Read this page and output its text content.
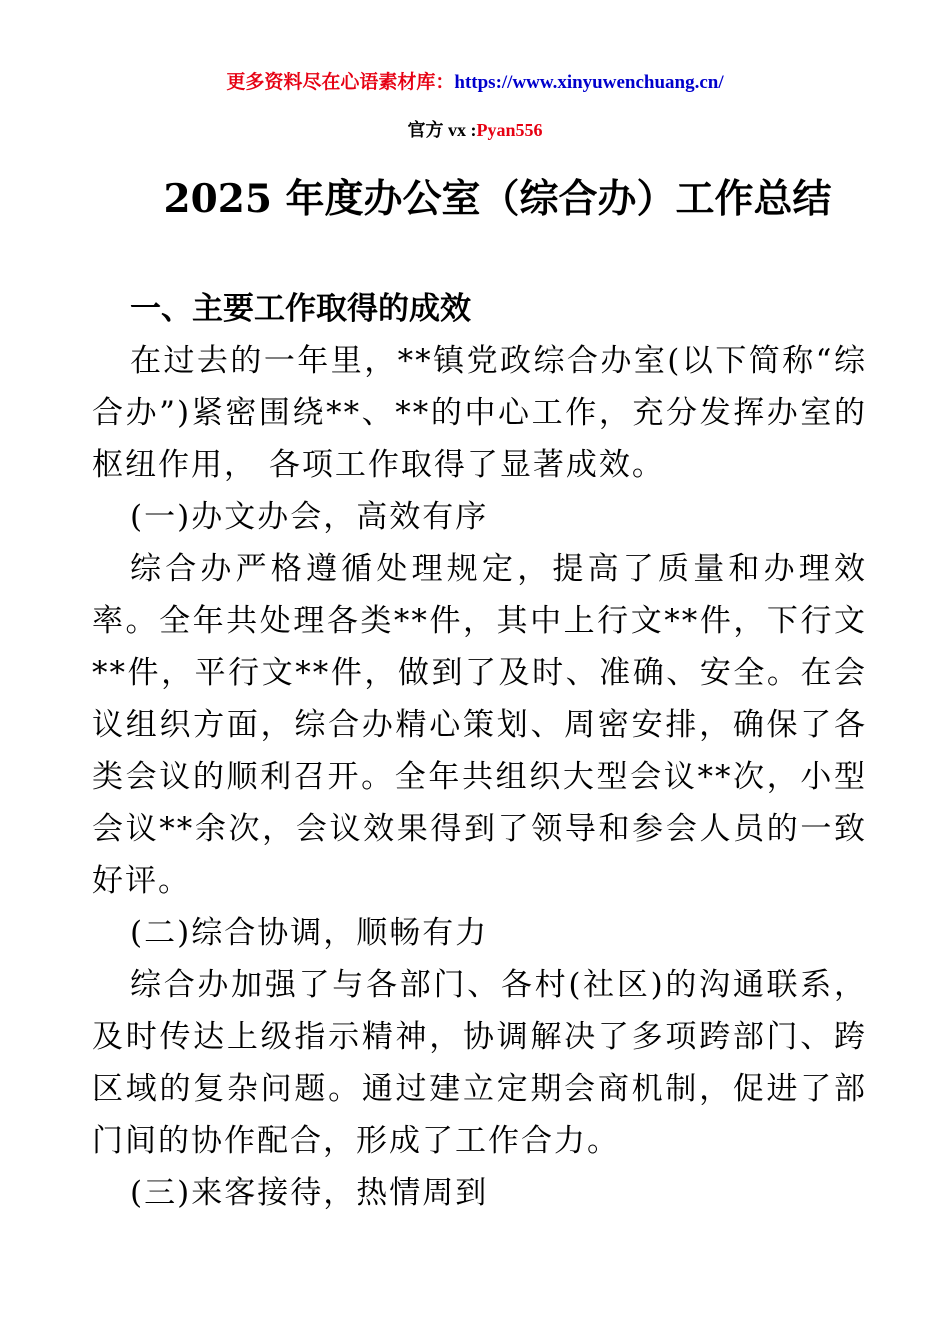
更多资料尽在心语素材库：https://www.xinyuwenchuang.cn/
官方 vx :Pyan556
2025 年度办公室（综合办）工作总结

一、主要工作取得的成效

在过去的一年里，**镇党政综合办室(以下简称“综合办”)紧密围绕**、**的中心工作，充分发挥办室的枢纽作用， 各项工作取得了显著成效。

(一)办文办会，高效有序

综合办严格遵循处理规定，提高了质量和办理效率。全年共处理各类**件，其中上行文**件，下行文**件，平行文**件，做到了及时、准确、安全。在会议组织方面，综合办精心策划、周密安排，确保了各类会议的顺利召开。全年共组织大型会议**次，小型会议**余次，会议效果得到了领导和参会人员的一致好评。

(二)综合协调，顺畅有力

综合办加强了与各部门、各村(社区)的沟通联系，及时传达上级指示精神，协调解决了多项跨部门、跨区域的复杂问题。通过建立定期会商机制，促进了部门间的协作配合，形成了工作合力。

(三)来客接待，热情周到
